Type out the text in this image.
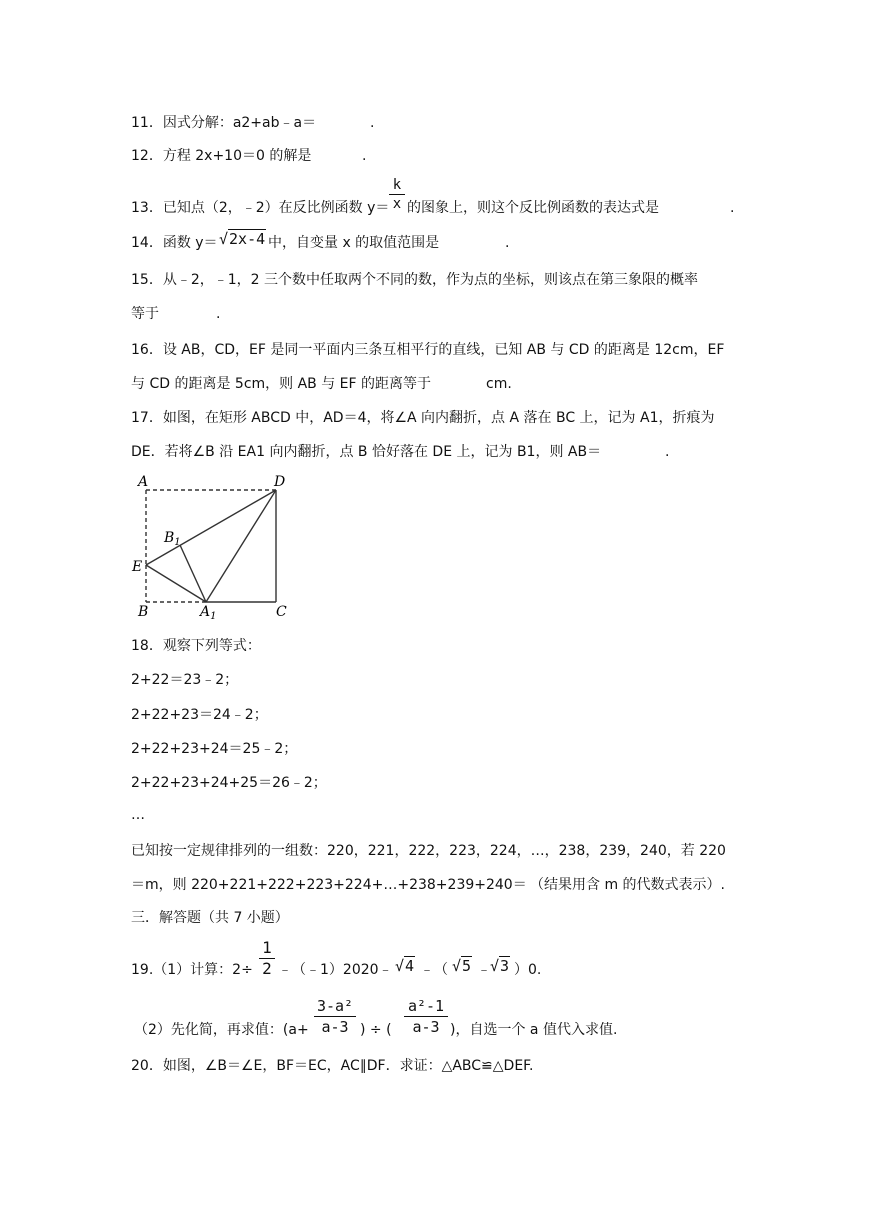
11．因式分解：a2+ab﹣a＝	.
12．方程 2x+10＝0 的解是	.
13．已知点（2，﹣2）在反比例函数 $y= \frac{k}{x}$ 的图象上，则这个反比例函数的表达式是	.
14．函数 y＝ √2x-4 中，自变量 x 的取值范围是	.
15．从﹣2，﹣1，2 三个数中任取两个不同的数，作为点的坐标，则该点在第三象限的概率
等于	.
16．设 AB，CD，EF 是同一平面内三条互相平行的直线，已知 AB 与 CD 的距离是 12cm，EF
与 CD 的距离是 5cm，则 AB 与 EF 的距离等于	cm.
17．如图，在矩形 ABCD 中，AD＝4，将∠A 向内翻折，点 A 落在 BC 上，记为 A1，折痕为
DE．若将∠B 沿 EA1 向内翻折，点 B 恰好落在 DE 上，记为 B1，则 AB＝	.
A	D
$B_1$
E
B	$A_1$	C
18．观察下列等式：
2+22＝23﹣2；
2+22+23＝24﹣2；
2+22+23+24＝25﹣2；
2+22+23+24+25＝26﹣2；
…
已知按一定规律排列的一组数：220，221，222，223，224，…，238，239，240，若 220
＝m，则 220+221+222+223+224+…+238+239+240＝ （结果用含 m 的代数式表示）.
三．解答题（共 7 小题）
19.（1）计算：$2\div \frac{1}{2}$ ﹣（﹣1）2020﹣ √4 ﹣（ √5 ﹣ √3 ）0.
（2）先化简，再求值：($a+ \frac{\text{3-a²}}{a-3}$ ) ÷ ( $\frac{\text{a²-1}}{a-3}$ )，自选一个 a 值代入求值.
20．如图，∠B＝∠E，BF＝EC，AC∥DF．求证：△ABC≌△DEF.
